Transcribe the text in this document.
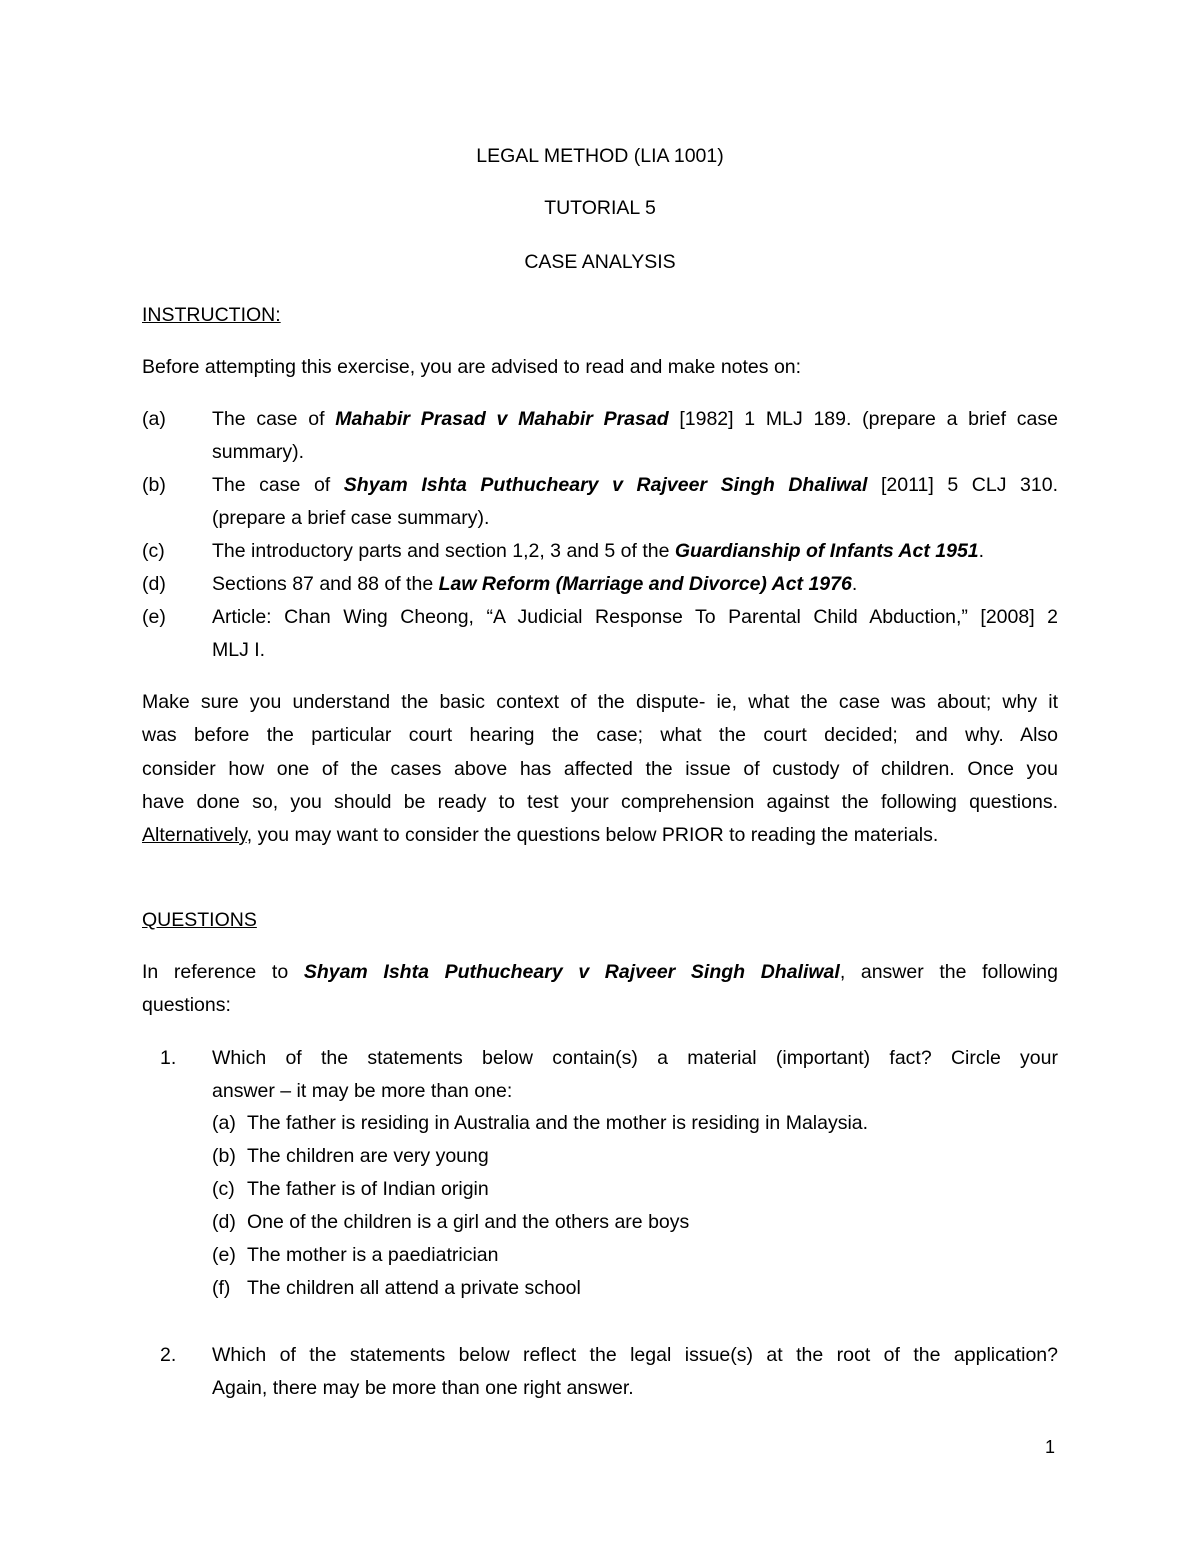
LEGAL METHOD (LIA 1001)
TUTORIAL 5
CASE ANALYSIS
INSTRUCTION:
Before attempting this exercise, you are advised to read and make notes on:
(a) The case of Mahabir Prasad v Mahabir Prasad [1982] 1 MLJ 189. (prepare a brief case
summary).
(b) The case of Shyam Ishta Puthucheary v Rajveer Singh Dhaliwal [2011] 5 CLJ 310.
(prepare a brief case summary).
(c) The introductory parts and section 1,2, 3 and 5 of the Guardianship of Infants Act 1951.
(d) Sections 87 and 88 of the Law Reform (Marriage and Divorce) Act 1976.
(e) Article: Chan Wing Cheong, “A Judicial Response To Parental Child Abduction,” [2008] 2
MLJ I.
Make sure you understand the basic context of the dispute- ie, what the case was about; why it
was before the particular court hearing the case; what the court decided; and why. Also
consider how one of the cases above has affected the issue of custody of children. Once you
have done so, you should be ready to test your comprehension against the following questions.
Alternatively, you may want to consider the questions below PRIOR to reading the materials.
QUESTIONS
In reference to Shyam Ishta Puthucheary v Rajveer Singh Dhaliwal, answer the following
questions:
1. Which of the statements below contain(s) a material (important) fact? Circle your
answer – it may be more than one:
(a) The father is residing in Australia and the mother is residing in Malaysia.
(b) The children are very young
(c) The father is of Indian origin
(d) One of the children is a girl and the others are boys
(e) The mother is a paediatrician
(f) The children all attend a private school
2. Which of the statements below reflect the legal issue(s) at the root of the application?
Again, there may be more than one right answer.
1
